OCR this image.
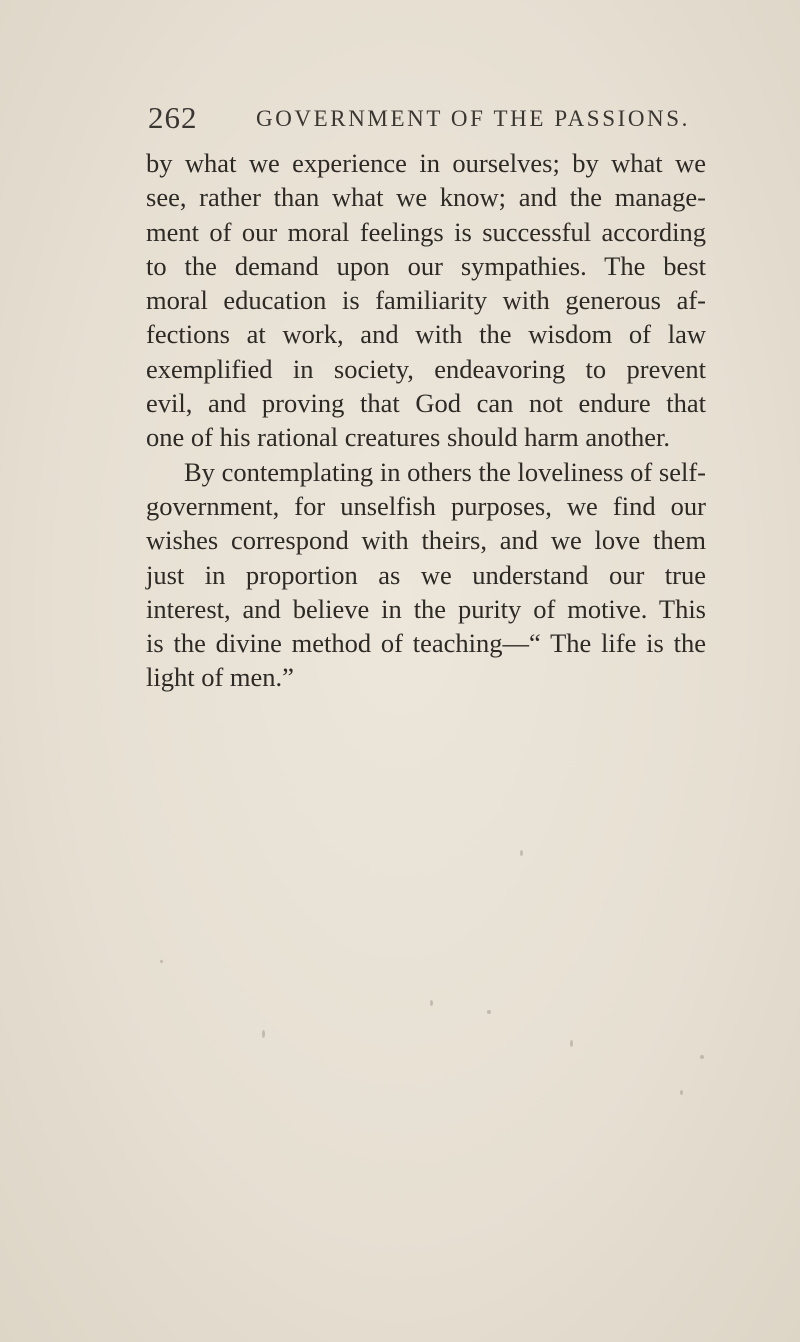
262	GOVERNMENT OF THE PASSIONS.
by what we experience in ourselves; by what we
see, rather than what we know; and the manage-
ment of our moral feelings is successful according
to the demand upon our sympathies. The best
moral education is familiarity with generous af-
fections at work, and with the wisdom of law
exemplified in society, endeavoring to prevent
evil, and proving that God can not endure that
one of his rational creatures should harm another.
By contemplating in others the loveliness of self-
government, for unselfish purposes, we find our
wishes correspond with theirs, and we love them
just in proportion as we understand our true
interest, and believe in the purity of motive. This
is the divine method of teaching—“ The life is the
light of men.”
